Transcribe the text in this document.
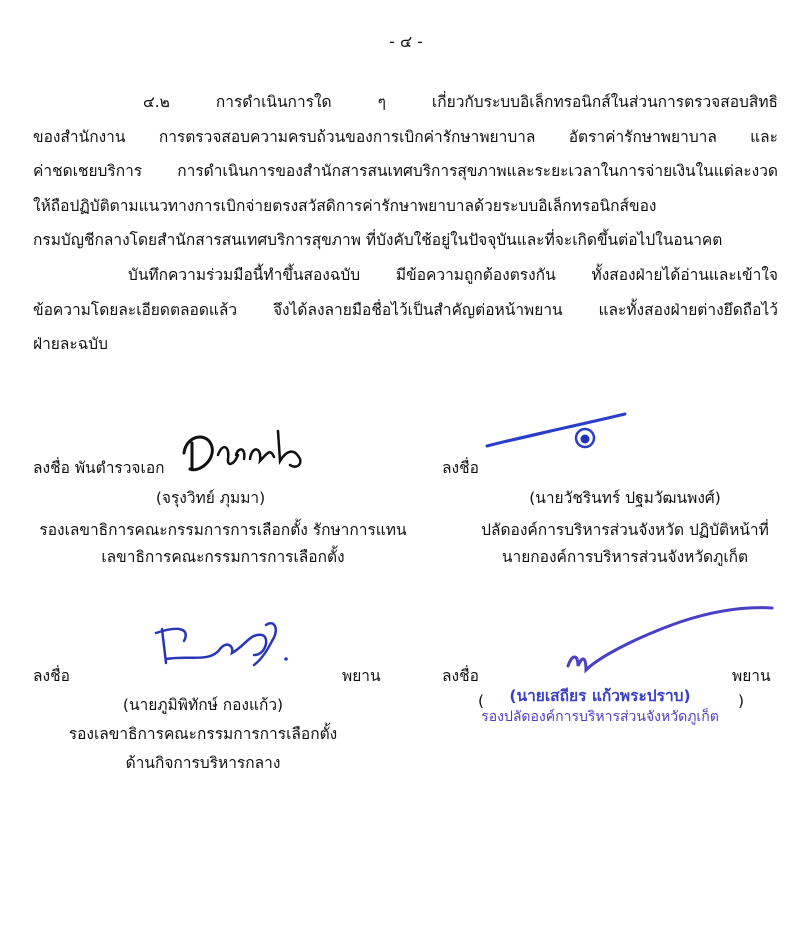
- ๔ -
๔.๒ การดำเนินการใด ๆ เกี่ยวกับระบบอิเล็กทรอนิกส์ในส่วนการตรวจสอบสิทธิ
ของสำนักงาน การตรวจสอบความครบถ้วนของการเบิกค่ารักษาพยาบาล อัตราค่ารักษาพยาบาล และ
ค่าชดเชยบริการ การดำเนินการของสำนักสารสนเทศบริการสุขภาพและระยะเวลาในการจ่ายเงินในแต่ละงวด
ให้ถือปฏิบัติตามแนวทางการเบิกจ่ายตรงสวัสดิการค่ารักษาพยาบาลด้วยระบบอิเล็กทรอนิกส์ของ
กรมบัญชีกลางโดยสำนักสารสนเทศบริการสุขภาพ ที่บังคับใช้อยู่ในปัจจุบันและที่จะเกิดขึ้นต่อไปในอนาคต
บันทึกความร่วมมือนี้ทำขึ้นสองฉบับ มีข้อความถูกต้องตรงกัน ทั้งสองฝ่ายได้อ่านและเข้าใจ
ข้อความโดยละเอียดตลอดแล้ว จึงได้ลงลายมือชื่อไว้เป็นสำคัญต่อหน้าพยาน และทั้งสองฝ่ายต่างยึดถือไว้
ฝ่ายละฉบับ
ลงชื่อ พันตำรวจเอก
(จรุงวิทย์ ภุมมา)
รองเลขาธิการคณะกรรมการการเลือกตั้ง รักษาการแทน
เลขาธิการคณะกรรมการการเลือกตั้ง
ลงชื่อ
(นายวัชรินทร์ ปฐมวัฒนพงศ์)
ปลัดองค์การบริหารส่วนจังหวัด ปฏิบัติหน้าที่
นายกองค์การบริหารส่วนจังหวัดภูเก็ต
ลงชื่อ	พยาน
(นายภูมิพิทักษ์ กองแก้ว)
รองเลขาธิการคณะกรรมการการเลือกตั้ง
ด้านกิจการบริหารกลาง
ลงชื่อ	พยาน
(	(นายเสถียร แก้วพระปราบ)
รองปลัดองค์การบริหารส่วนจังหวัดภูเก็ต
)
